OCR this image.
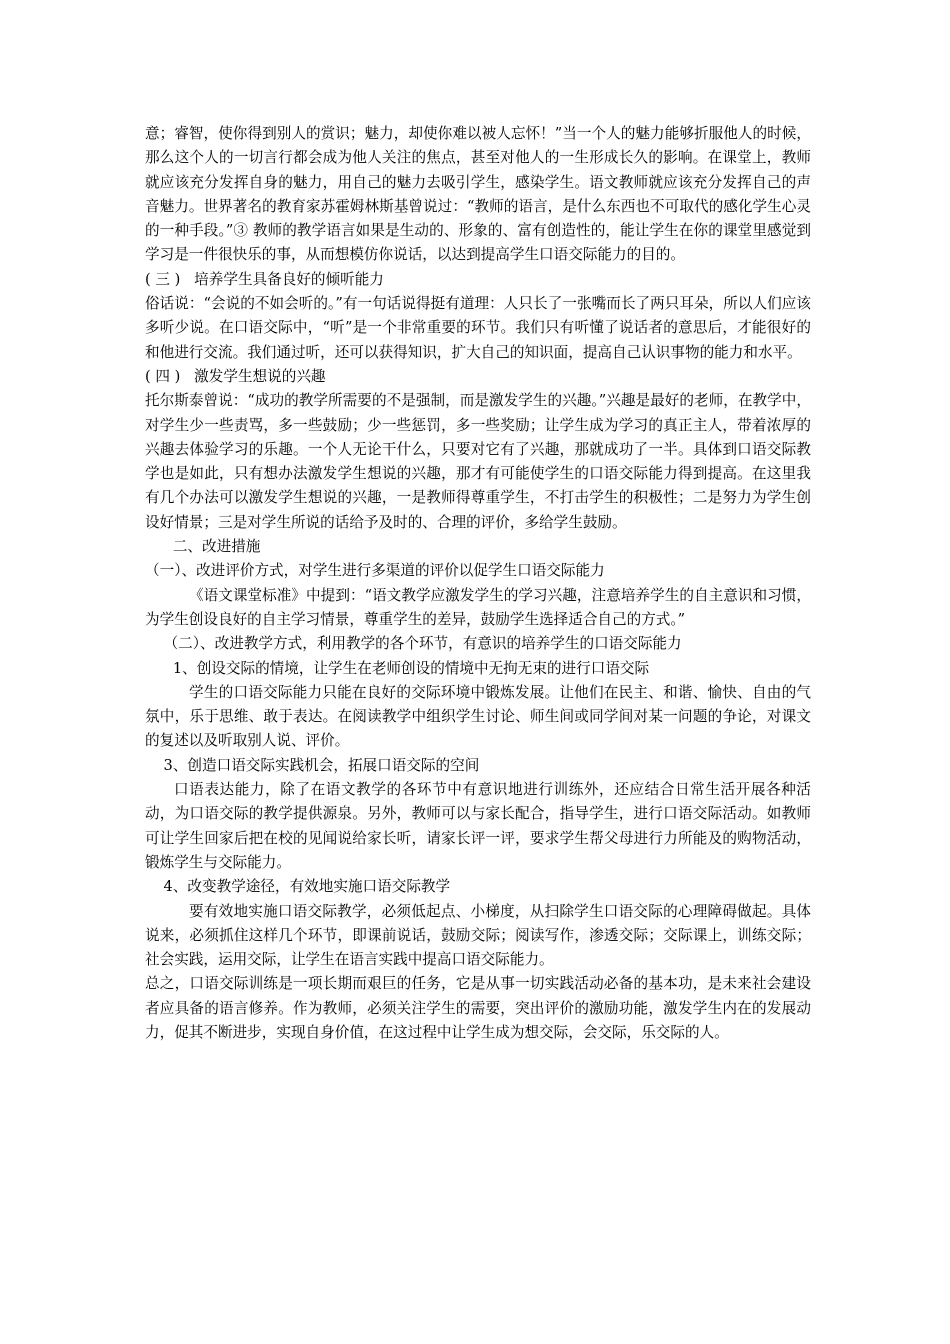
意；睿智，使你得到别人的赏识；魅力，却使你难以被人忘怀！”当一个人的魅力能够折服他人的时候，那么这个人的一切言行都会成为他人关注的焦点，甚至对他人的一生形成长久的影响。在课堂上，教师就应该充分发挥自身的魅力，用自己的魅力去吸引学生，感染学生。语文教师就应该充分发挥自己的声音魅力。世界著名的教育家苏霍姆林斯基曾说过：“教师的语言，是什么东西也不可取代的感化学生心灵的一种手段。”③ 教师的教学语言如果是生动的、形象的、富有创造性的，能让学生在你的课堂里感觉到学习是一件很快乐的事，从而想模仿你说话，以达到提高学生口语交际能力的目的。

( 三 )   培养学生具备良好的倾听能力

俗话说：“会说的不如会听的。”有一句话说得挺有道理：人只长了一张嘴而长了两只耳朵，所以人们应该多听少说。在口语交际中，“听”是一个非常重要的环节。我们只有听懂了说话者的意思后，才能很好的和他进行交流。我们通过听，还可以获得知识，扩大自己的知识面，提高自己认识事物的能力和水平。

( 四 )   激发学生想说的兴趣

托尔斯泰曾说：“成功的教学所需要的不是强制，而是激发学生的兴趣。”兴趣是最好的老师，在教学中，对学生少一些责骂，多一些鼓励；少一些惩罚，多一些奖励；让学生成为学习的真正主人，带着浓厚的兴趣去体验学习的乐趣。一个人无论干什么，只要对它有了兴趣，那就成功了一半。具体到口语交际教学也是如此，只有想办法激发学生想说的兴趣，那才有可能使学生的口语交际能力得到提高。在这里我有几个办法可以激发学生想说的兴趣，一是教师得尊重学生，不打击学生的积极性；二是努力为学生创设好情景；三是对学生所说的话给予及时的、合理的评价，多给学生鼓励。

二、改进措施

（一）、改进评价方式，对学生进行多渠道的评价以促学生口语交际能力

《语文课堂标准》中提到：“语文教学应激发学生的学习兴趣，注意培养学生的自主意识和习惯，为学生创设良好的自主学习情景，尊重学生的差异，鼓励学生选择适合自己的方式。”

（二）、改进教学方式，利用教学的各个环节，有意识的培养学生的口语交际能力

1、创设交际的情境，让学生在老师创设的情境中无拘无束的进行口语交际

学生的口语交际能力只能在良好的交际环境中锻炼发展。让他们在民主、和谐、愉快、自由的气氛中，乐于思维、敢于表达。在阅读教学中组织学生讨论、师生间或同学间对某一问题的争论，对课文的复述以及听取别人说、评价。

3、创造口语交际实践机会，拓展口语交际的空间

口语表达能力，除了在语文教学的各环节中有意识地进行训练外，还应结合日常生活开展各种活动，为口语交际的教学提供源泉。另外，教师可以与家长配合，指导学生，进行口语交际活动。如教师可让学生回家后把在校的见闻说给家长听，请家长评一评，要求学生帮父母进行力所能及的购物活动，锻炼学生与交际能力。

4、改变教学途径，有效地实施口语交际教学

要有效地实施口语交际教学，必须低起点、小梯度，从扫除学生口语交际的心理障碍做起。具体说来，必须抓住这样几个环节，即课前说话，鼓励交际；阅读写作，渗透交际；交际课上，训练交际；社会实践，运用交际，让学生在语言实践中提高口语交际能力。

总之，口语交际训练是一项长期而艰巨的任务，它是从事一切实践活动必备的基本功，是未来社会建设者应具备的语言修养。作为教师，必须关注学生的需要，突出评价的激励功能，激发学生内在的发展动力，促其不断进步，实现自身价值，在这过程中让学生成为想交际，会交际，乐交际的人。
